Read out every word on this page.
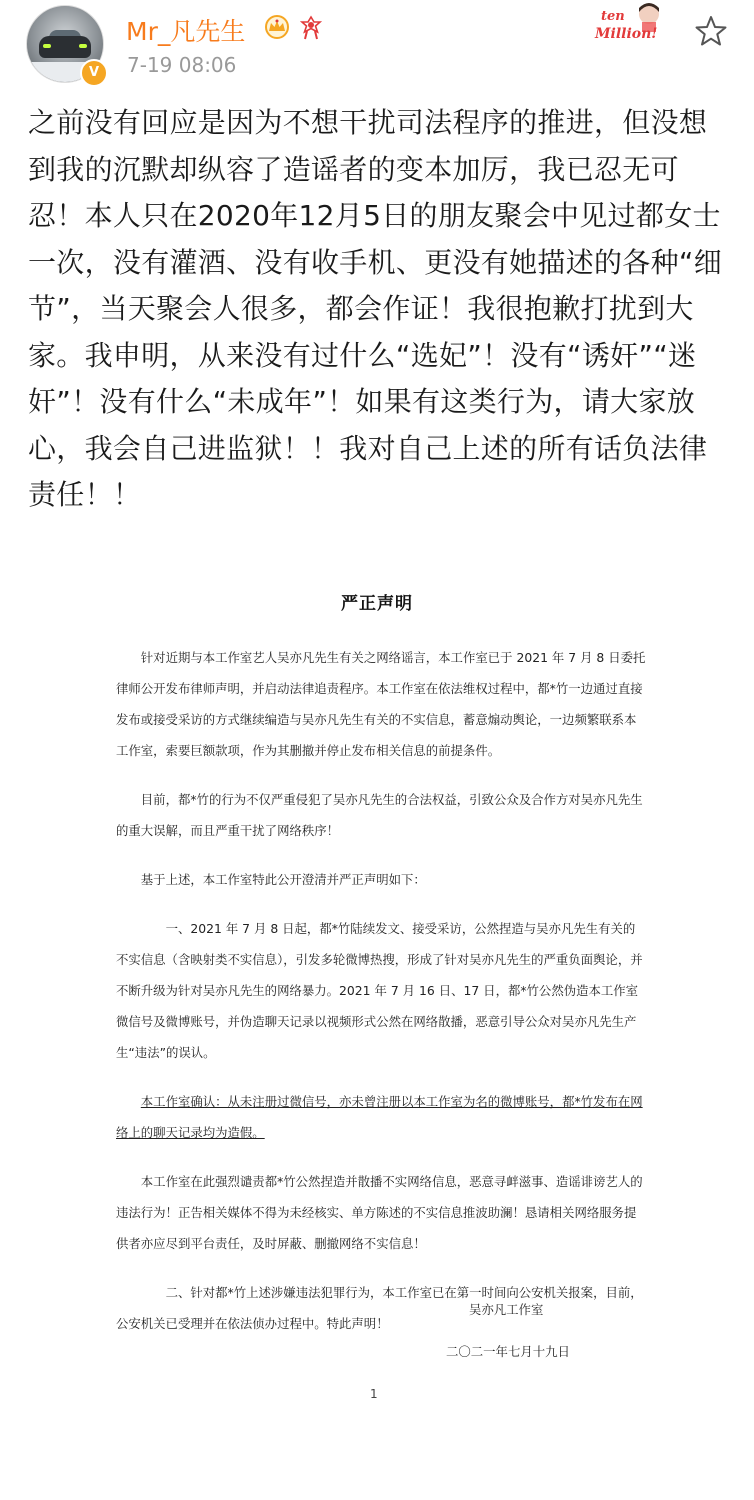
V
Mr_凡先生
7-19 08:06
ten
Million!

之前没有回应是因为不想干扰司法程序的推进，但没想到我的沉默却纵容了造谣者的变本加厉，我已忍无可忍！本人只在2020年12月5日的朋友聚会中见过都女士一次，没有灌酒、没有收手机、更没有她描述的各种“细节”，当天聚会人很多，都会作证！我很抱歉打扰到大家。我申明，从来没有过什么“选妃”！没有“诱奸”“迷奸”！没有什么“未成年”！如果有这类行为，请大家放心，我会自己进监狱！！我对自己上述的所有话负法律责任！！

严正声明

针对近期与本工作室艺人吴亦凡先生有关之网络谣言，本工作室已于 2021 年 7 月 8 日委托律师公开发布律师声明，并启动法律追责程序。本工作室在依法维权过程中，都*竹一边通过直接发布或接受采访的方式继续编造与吴亦凡先生有关的不实信息，蓄意煽动舆论，一边频繁联系本工作室，索要巨额款项，作为其删撤并停止发布相关信息的前提条件。

目前，都*竹的行为不仅严重侵犯了吴亦凡先生的合法权益，引致公众及合作方对吴亦凡先生的重大误解，而且严重干扰了网络秩序！

基于上述，本工作室特此公开澄清并严正声明如下：

一、2021 年 7 月 8 日起，都*竹陆续发文、接受采访，公然捏造与吴亦凡先生有关的不实信息（含映射类不实信息），引发多轮微博热搜，形成了针对吴亦凡先生的严重负面舆论，并不断升级为针对吴亦凡先生的网络暴力。2021 年 7 月 16 日、17 日，都*竹公然伪造本工作室微信号及微博账号，并伪造聊天记录以视频形式公然在网络散播，恶意引导公众对吴亦凡先生产生“违法”的误认。

本工作室确认：从未注册过微信号，亦未曾注册以本工作室为名的微博账号，都*竹发布在网络上的聊天记录均为造假。

本工作室在此强烈谴责都*竹公然捏造并散播不实网络信息，恶意寻衅滋事、造谣诽谤艺人的违法行为！正告相关媒体不得为未经核实、单方陈述的不实信息推波助澜！恳请相关网络服务提供者亦应尽到平台责任，及时屏蔽、删撤网络不实信息！

二、针对都*竹上述涉嫌违法犯罪行为，本工作室已在第一时间向公安机关报案，目前，公安机关已受理并在依法侦办过程中。特此声明！

吴亦凡工作室
二〇二一年七月十九日
1
